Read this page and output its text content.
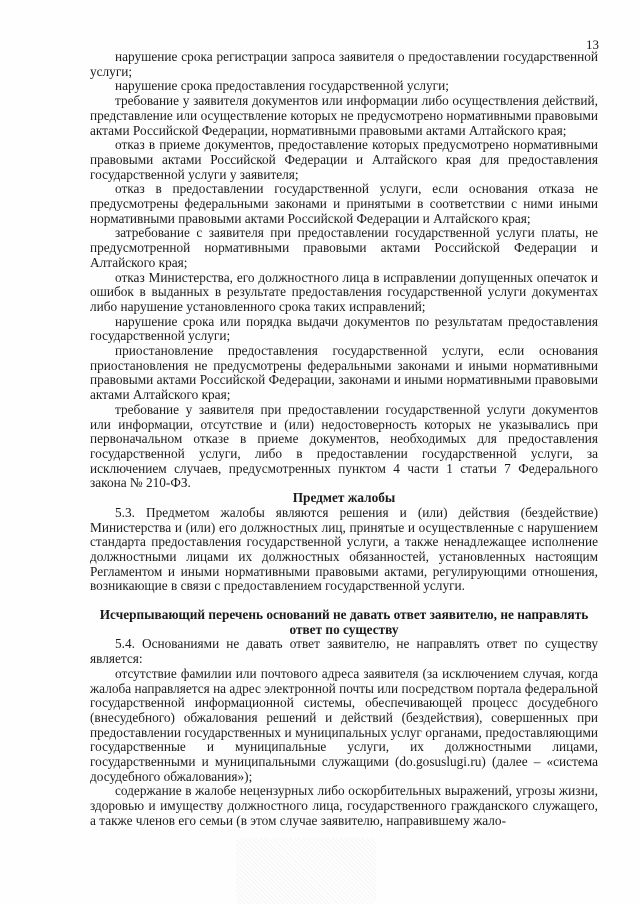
13

нарушение срока регистрации запроса заявителя о предоставлении государственной услуги;

нарушение срока предоставления государственной услуги;

требование у заявителя документов или информации либо осуществления действий, представление или осуществление которых не предусмотрено нормативными правовыми актами Российской Федерации, нормативными правовыми актами Алтайского края;

отказ в приеме документов, предоставление которых предусмотрено нормативными правовыми актами Российской Федерации и Алтайского края для предоставления государственной услуги у заявителя;

отказ в предоставлении государственной услуги, если основания отказа не предусмотрены федеральными законами и принятыми в соответствии с ними иными нормативными правовыми актами Российской Федерации и Алтайского края;

затребование с заявителя при предоставлении государственной услуги платы, не предусмотренной нормативными правовыми актами Российской Федерации и Алтайского края;

отказ Министерства, его должностного лица в исправлении допущенных опечаток и ошибок в выданных в результате предоставления государственной услуги документах либо нарушение установленного срока таких исправлений;

нарушение срока или порядка выдачи документов по результатам предоставления государственной услуги;

приостановление предоставления государственной услуги, если основания приостановления не предусмотрены федеральными законами и иными нормативными правовыми актами Российской Федерации, законами и иными нормативными правовыми актами Алтайского края;

требование у заявителя при предоставлении государственной услуги документов или информации, отсутствие и (или) недостоверность которых не указывались при первоначальном отказе в приеме документов, необходимых для предоставления государственной услуги, либо в предоставлении государственной услуги, за исключением случаев, предусмотренных пунктом 4 части 1 статьи 7 Федерального закона № 210-ФЗ.

Предмет жалобы

5.3. Предметом жалобы являются решения и (или) действия (бездействие) Министерства и (или) его должностных лиц, принятые и осуществленные с нарушением стандарта предоставления государственной услуги, а также ненадлежащее исполнение должностными лицами их должностных обязанностей, установленных настоящим Регламентом и иными нормативными правовыми актами, регулирующими отношения, возникающие в связи с предоставлением государственной услуги.

Исчерпывающий перечень оснований не давать ответ заявителю, не направлять ответ по существу

5.4. Основаниями не давать ответ заявителю, не направлять ответ по существу является:

отсутствие фамилии или почтового адреса заявителя (за исключением случая, когда жалоба направляется на адрес электронной почты или посредством портала федеральной государственной информационной системы, обеспечивающей процесс досудебного (внесудебного) обжалования решений и действий (бездействия), совершенных при предоставлении государственных и муниципальных услуг органами, предоставляющими государственные и муниципальные услуги, их должностными лицами, государственными и муниципальными служащими (do.gosuslugi.ru) (далее – «система досудебного обжалования»);

содержание в жалобе нецензурных либо оскорбительных выражений, угрозы жизни, здоровью и имуществу должностного лица, государственного гражданского служащего, а также членов его семьи (в этом случае заявителю, направившему жало-
